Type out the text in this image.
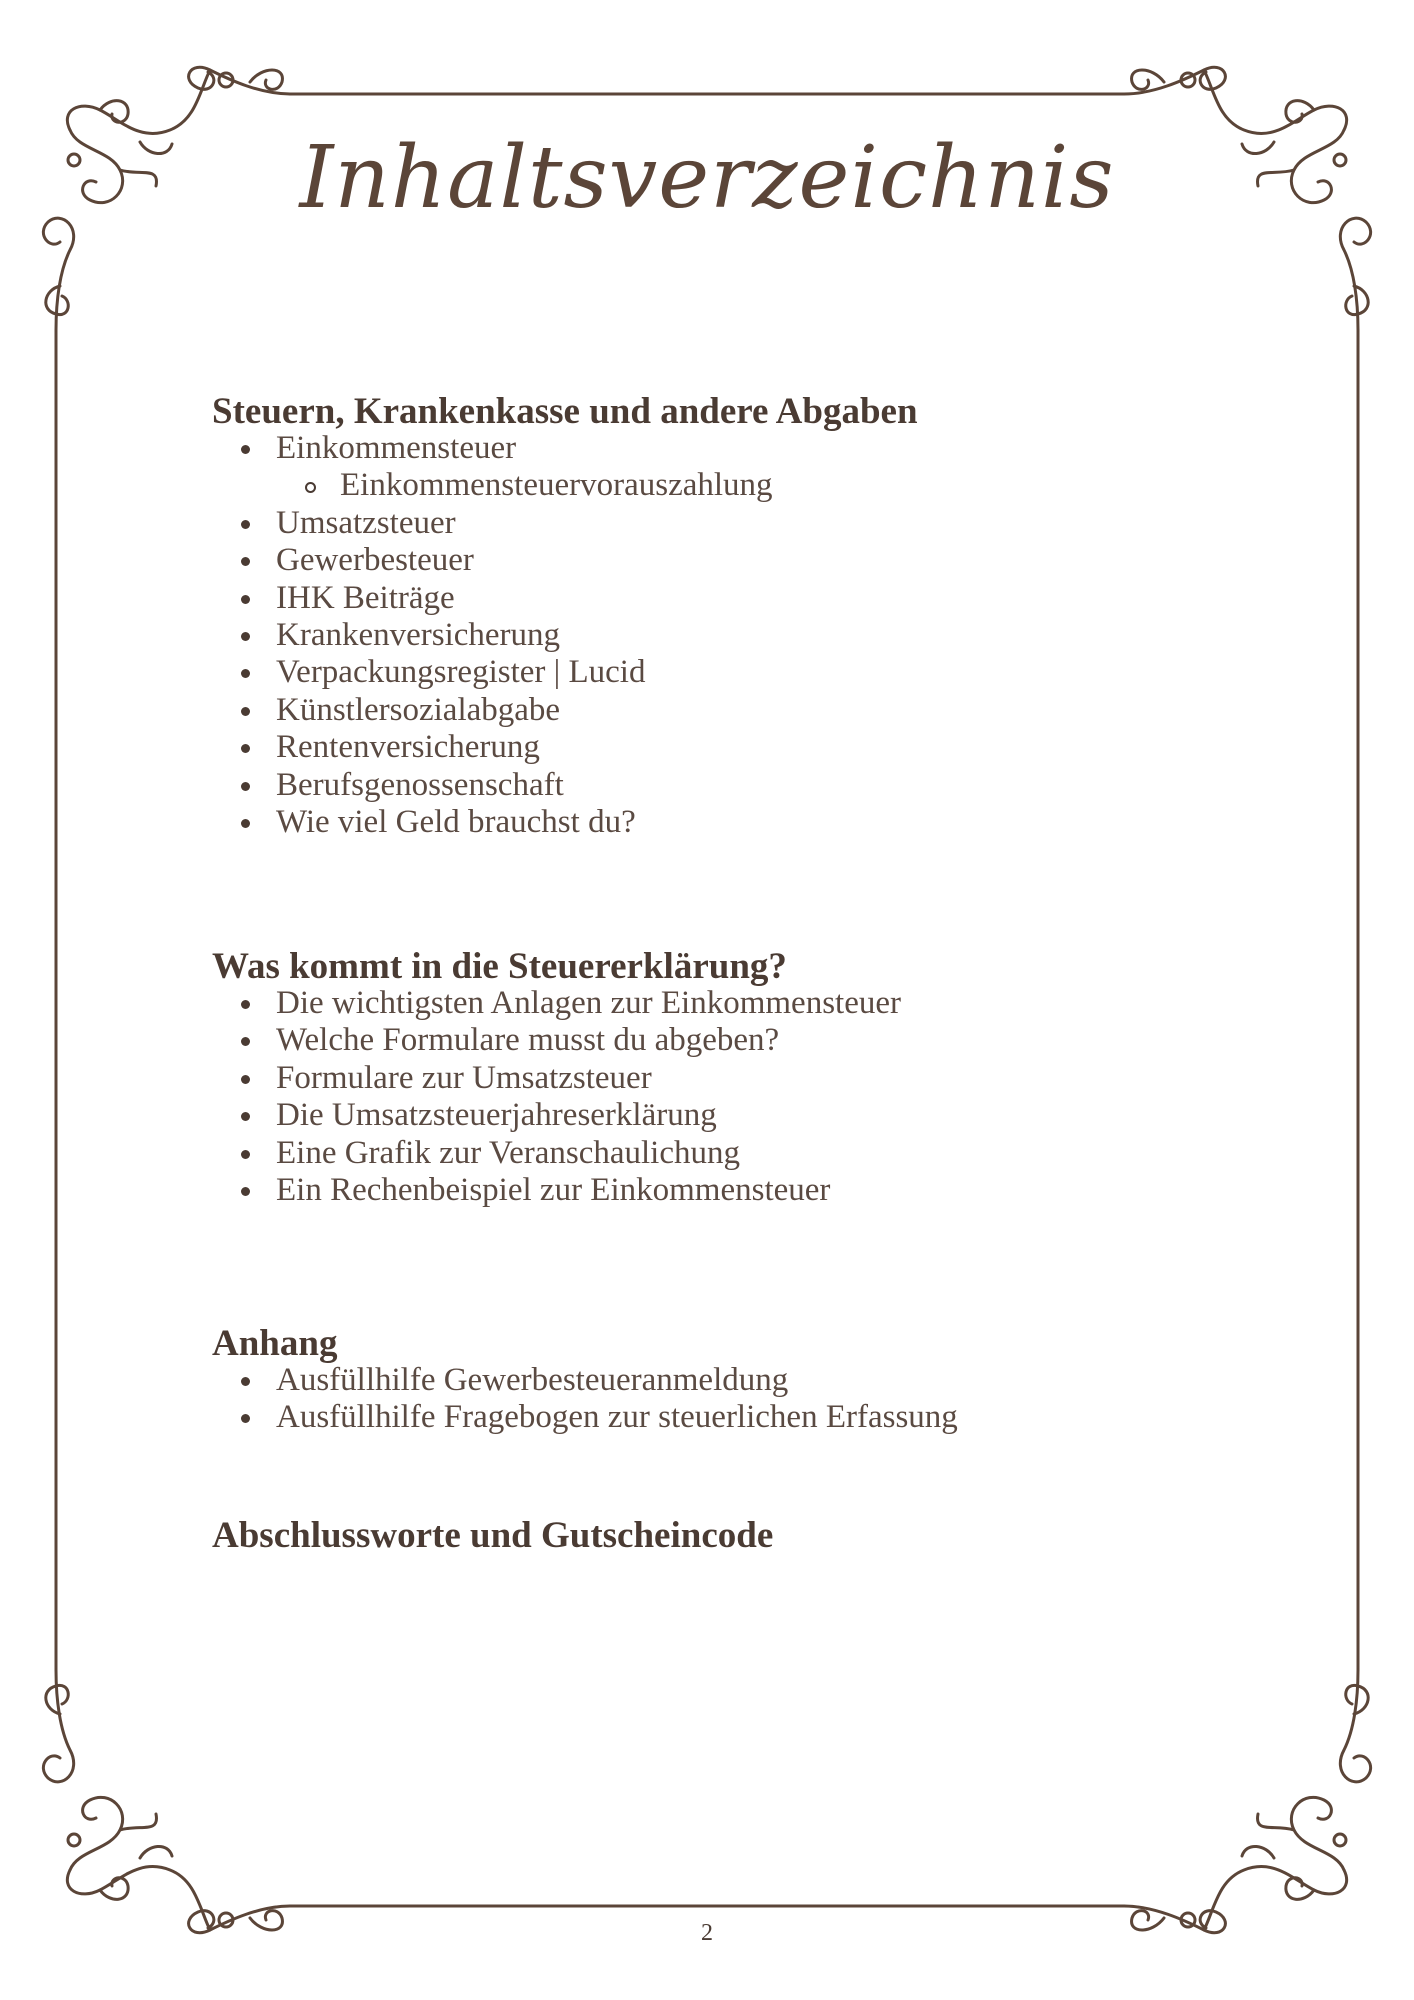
Inhaltsverzeichnis
Steuern, Krankenkasse und andere Abgaben
Einkommensteuer
Einkommensteuervorauszahlung
Umsatzsteuer
Gewerbesteuer
IHK Beiträge
Krankenversicherung
Verpackungsregister | Lucid
Künstlersozialabgabe
Rentenversicherung
Berufsgenossenschaft
Wie viel Geld brauchst du?
Was kommt in die Steuererklärung?
Die wichtigsten Anlagen zur Einkommensteuer
Welche Formulare musst du abgeben?
Formulare zur Umsatzsteuer
Die Umsatzsteuerjahreserklärung
Eine Grafik zur Veranschaulichung
Ein Rechenbeispiel zur Einkommensteuer
Anhang
Ausfüllhilfe Gewerbesteueranmeldung
Ausfüllhilfe Fragebogen zur steuerlichen Erfassung
Abschlussworte und Gutscheincode
2
